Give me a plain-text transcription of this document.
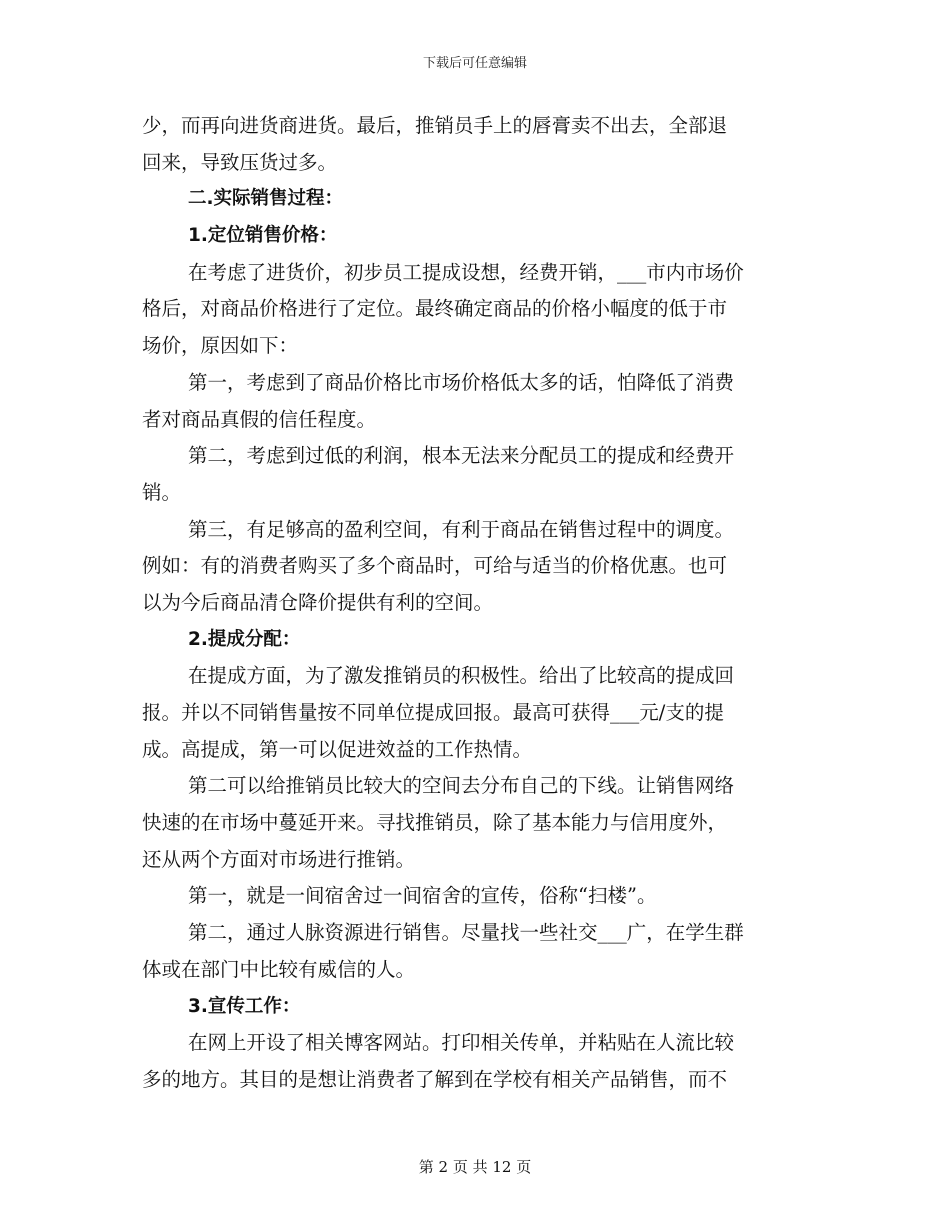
下载后可任意编辑
少，而再向进货商进货。最后，推销员手上的唇膏卖不出去，全部退
回来，导致压货过多。
二.实际销售过程：
1.定位销售价格：
在考虑了进货价，初步员工提成设想，经费开销，___市内市场价
格后，对商品价格进行了定位。最终确定商品的价格小幅度的低于市
场价，原因如下：
第一，考虑到了商品价格比市场价格低太多的话，怕降低了消费
者对商品真假的信任程度。
第二，考虑到过低的利润，根本无法来分配员工的提成和经费开
销。
第三，有足够高的盈利空间，有利于商品在销售过程中的调度。
例如：有的消费者购买了多个商品时，可给与适当的价格优惠。也可
以为今后商品清仓降价提供有利的空间。
2.提成分配：
在提成方面，为了激发推销员的积极性。给出了比较高的提成回
报。并以不同销售量按不同单位提成回报。最高可获得___元/支的提
成。高提成，第一可以促进效益的工作热情。
第二可以给推销员比较大的空间去分布自己的下线。让销售网络
快速的在市场中蔓延开来。寻找推销员，除了基本能力与信用度外，
还从两个方面对市场进行推销。
第一，就是一间宿舍过一间宿舍的宣传，俗称“扫楼”。
第二，通过人脉资源进行销售。尽量找一些社交___广，在学生群
体或在部门中比较有威信的人。
3.宣传工作：
在网上开设了相关博客网站。打印相关传单，并粘贴在人流比较
多的地方。其目的是想让消费者了解到在学校有相关产品销售，而不
第 2 页 共 12 页
